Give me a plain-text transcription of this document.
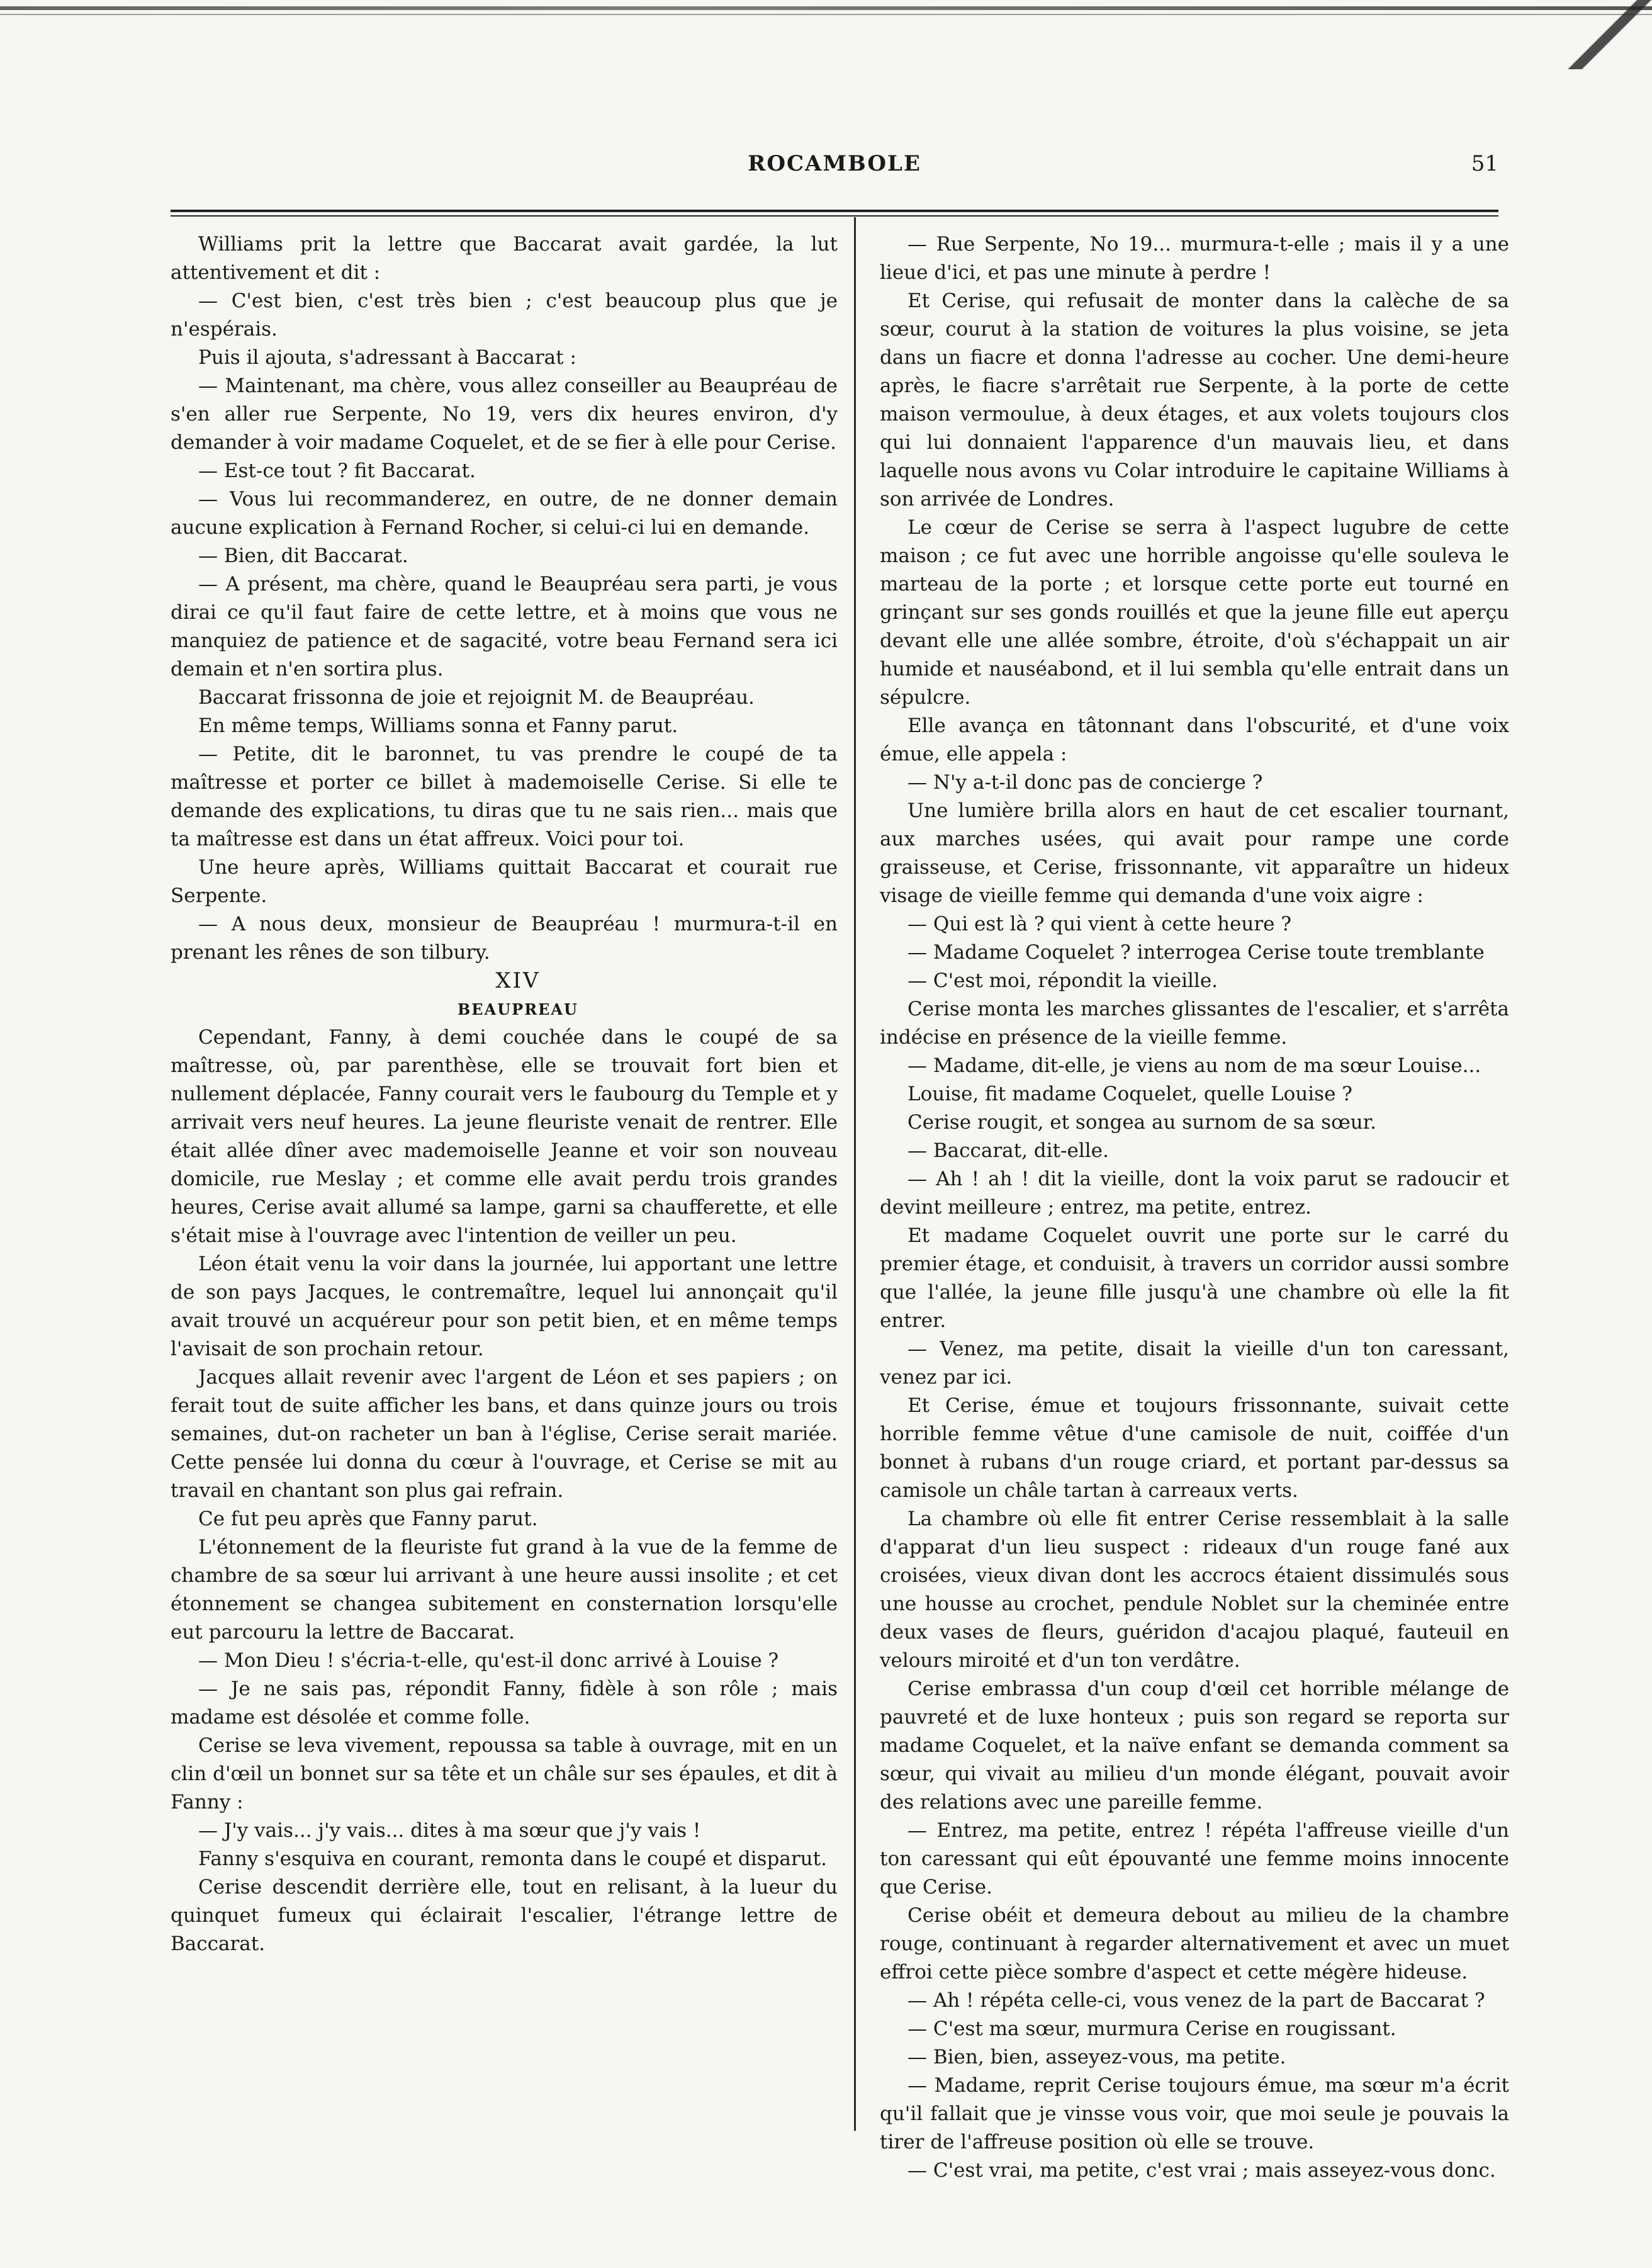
ROCAMBOLE	51

Williams prit la lettre que Baccarat avait gardée, la lut attentivement et dit :

— C'est bien, c'est très bien ; c'est beaucoup plus que je n'espérais.

Puis il ajouta, s'adressant à Baccarat :

— Maintenant, ma chère, vous allez conseiller au Beaupréau de s'en aller rue Serpente, No 19, vers dix heures environ, d'y demander à voir madame Coquelet, et de se fier à elle pour Cerise.

— Est-ce tout ? fit Baccarat.

— Vous lui recommanderez, en outre, de ne donner demain aucune explication à Fernand Rocher, si celui-ci lui en demande.

— Bien, dit Baccarat.

— A présent, ma chère, quand le Beaupréau sera parti, je vous dirai ce qu'il faut faire de cette lettre, et à moins que vous ne manquiez de patience et de sagacité, votre beau Fernand sera ici demain et n'en sortira plus.

Baccarat frissonna de joie et rejoignit M. de Beaupréau.

En même temps, Williams sonna et Fanny parut.

— Petite, dit le baronnet, tu vas prendre le coupé de ta maîtresse et porter ce billet à mademoiselle Cerise. Si elle te demande des explications, tu diras que tu ne sais rien... mais que ta maîtresse est dans un état affreux. Voici pour toi.

Une heure après, Williams quittait Baccarat et courait rue Serpente.

— A nous deux, monsieur de Beaupréau ! murmura-t-il en prenant les rênes de son tilbury.

XIV

BEAUPREAU

Cependant, Fanny, à demi couchée dans le coupé de sa maîtresse, où, par parenthèse, elle se trouvait fort bien et nullement déplacée, Fanny courait vers le faubourg du Temple et y arrivait vers neuf heures. La jeune fleuriste venait de rentrer. Elle était allée dîner avec mademoiselle Jeanne et voir son nouveau domicile, rue Meslay ; et comme elle avait perdu trois grandes heures, Cerise avait allumé sa lampe, garni sa chaufferette, et elle s'était mise à l'ouvrage avec l'intention de veiller un peu.

Léon était venu la voir dans la journée, lui apportant une lettre de son pays Jacques, le contremaître, lequel lui annonçait qu'il avait trouvé un acquéreur pour son petit bien, et en même temps l'avisait de son prochain retour.

Jacques allait revenir avec l'argent de Léon et ses papiers ; on ferait tout de suite afficher les bans, et dans quinze jours ou trois semaines, dut-on racheter un ban à l'église, Cerise serait mariée. Cette pensée lui donna du cœur à l'ouvrage, et Cerise se mit au travail en chantant son plus gai refrain.

Ce fut peu après que Fanny parut.

L'étonnement de la fleuriste fut grand à la vue de la femme de chambre de sa sœur lui arrivant à une heure aussi insolite ; et cet étonnement se changea subitement en consternation lorsqu'elle eut parcouru la lettre de Baccarat.

— Mon Dieu ! s'écria-t-elle, qu'est-il donc arrivé à Louise ?

— Je ne sais pas, répondit Fanny, fidèle à son rôle ; mais madame est désolée et comme folle.

Cerise se leva vivement, repoussa sa table à ouvrage, mit en un clin d'œil un bonnet sur sa tête et un châle sur ses épaules, et dit à Fanny :

— J'y vais... j'y vais... dites à ma sœur que j'y vais !

Fanny s'esquiva en courant, remonta dans le coupé et disparut.

Cerise descendit derrière elle, tout en relisant, à la lueur du quinquet fumeux qui éclairait l'escalier, l'étrange lettre de Baccarat.

— Rue Serpente, No 19... murmura-t-elle ; mais il y a une lieue d'ici, et pas une minute à perdre !

Et Cerise, qui refusait de monter dans la calèche de sa sœur, courut à la station de voitures la plus voisine, se jeta dans un fiacre et donna l'adresse au cocher. Une demi-heure après, le fiacre s'arrêtait rue Serpente, à la porte de cette maison vermoulue, à deux étages, et aux volets toujours clos qui lui donnaient l'apparence d'un mauvais lieu, et dans laquelle nous avons vu Colar introduire le capitaine Williams à son arrivée de Londres.

Le cœur de Cerise se serra à l'aspect lugubre de cette maison ; ce fut avec une horrible angoisse qu'elle souleva le marteau de la porte ; et lorsque cette porte eut tourné en grinçant sur ses gonds rouillés et que la jeune fille eut aperçu devant elle une allée sombre, étroite, d'où s'échappait un air humide et nauséabond, et il lui sembla qu'elle entrait dans un sépulcre.

Elle avança en tâtonnant dans l'obscurité, et d'une voix émue, elle appela :

— N'y a-t-il donc pas de concierge ?

Une lumière brilla alors en haut de cet escalier tournant, aux marches usées, qui avait pour rampe une corde graisseuse, et Cerise, frissonnante, vit apparaître un hideux visage de vieille femme qui demanda d'une voix aigre :

— Qui est là ? qui vient à cette heure ?

— Madame Coquelet ? interrogea Cerise toute tremblante

— C'est moi, répondit la vieille.

Cerise monta les marches glissantes de l'escalier, et s'arrêta indécise en présence de la vieille femme.

— Madame, dit-elle, je viens au nom de ma sœur Louise...

Louise, fit madame Coquelet, quelle Louise ?

Cerise rougit, et songea au surnom de sa sœur.

— Baccarat, dit-elle.

— Ah ! ah ! dit la vieille, dont la voix parut se radoucir et devint meilleure ; entrez, ma petite, entrez.

Et madame Coquelet ouvrit une porte sur le carré du premier étage, et conduisit, à travers un corridor aussi sombre que l'allée, la jeune fille jusqu'à une chambre où elle la fit entrer.

— Venez, ma petite, disait la vieille d'un ton caressant, venez par ici.

Et Cerise, émue et toujours frissonnante, suivait cette horrible femme vêtue d'une camisole de nuit, coiffée d'un bonnet à rubans d'un rouge criard, et portant par-dessus sa camisole un châle tartan à carreaux verts.

La chambre où elle fit entrer Cerise ressemblait à la salle d'apparat d'un lieu suspect : rideaux d'un rouge fané aux croisées, vieux divan dont les accrocs étaient dissimulés sous une housse au crochet, pendule Noblet sur la cheminée entre deux vases de fleurs, guéridon d'acajou plaqué, fauteuil en velours miroité et d'un ton verdâtre.

Cerise embrassa d'un coup d'œil cet horrible mélange de pauvreté et de luxe honteux ; puis son regard se reporta sur madame Coquelet, et la naïve enfant se demanda comment sa sœur, qui vivait au milieu d'un monde élégant, pouvait avoir des relations avec une pareille femme.

— Entrez, ma petite, entrez ! répéta l'affreuse vieille d'un ton caressant qui eût épouvanté une femme moins innocente que Cerise.

Cerise obéit et demeura debout au milieu de la chambre rouge, continuant à regarder alternativement et avec un muet effroi cette pièce sombre d'aspect et cette mégère hideuse.

— Ah ! répéta celle-ci, vous venez de la part de Baccarat ?

— C'est ma sœur, murmura Cerise en rougissant.

— Bien, bien, asseyez-vous, ma petite.

— Madame, reprit Cerise toujours émue, ma sœur m'a écrit qu'il fallait que je vinsse vous voir, que moi seule je pouvais la tirer de l'affreuse position où elle se trouve.

— C'est vrai, ma petite, c'est vrai ; mais asseyez-vous donc.
